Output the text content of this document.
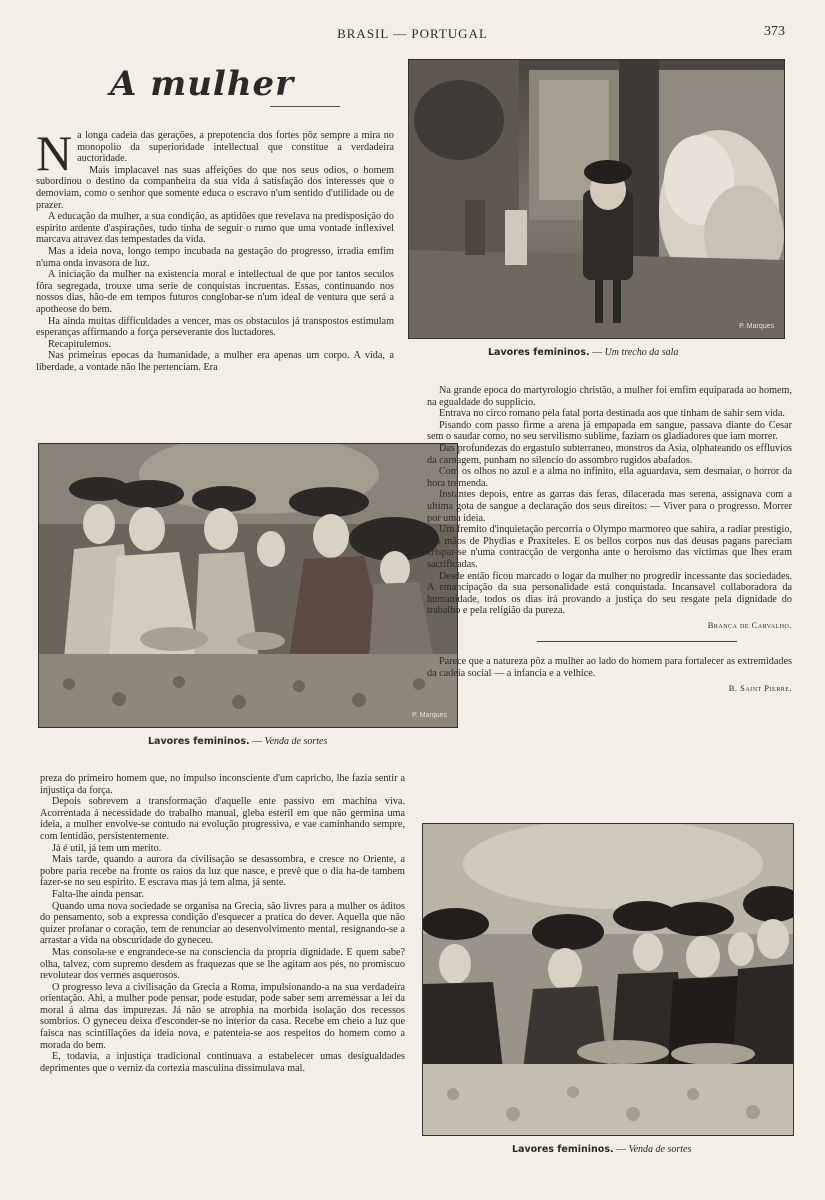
BRASIL — PORTUGAL	373
A mulher

Na longa cadeia das gerações, a prepotencia dos fortes pôz sempre a mira no monopolio da superioridade intellectual que constitue a verdadeira auctoridade.

Mais implacavel nas suas affeições do que nos seus odios, o homem subordinou o destino da companheira da sua vida á satisfação dos interesses que o demoviam, como o senhor que somente educa o escravo n'um sentido d'utilidade ou de prazer.

A educação da mulher, a sua condição, as aptidões que revelava na predisposição do espirito ardente d'aspirações, tudo tinha de seguir o rumo que uma vontade inflexivel marcava atravez das tempestades da vida.

Mas a ideia nova, longo tempo incubada na gestação do progresso, irradia emfim n'uma onda invasora de luz.

A iniciação da mulher na existencia moral e intellectual de que por tantos seculos fôra segregada, trouxe uma serie de conquistas incruentas. Essas, continuando nos nossos dias, hão-de em tempos futuros conglobar-se n'um ideal de ventura que será a apotheose do bem.

Ha ainda muitas difficuldades a vencer, mas os obstaculos já transpostos estimulam esperanças affirmando a força perseverante dos luctadores.

Recapitulemos.

Nas primeiras epocas da humanidade, a mulher era apenas um corpo. A vida, a liberdade, a vontade não lhe pertenciam. Era

P. Marques
Lavores femininos. — Um trecho da sala
P. Marques
Lavores femininos. — Venda de sortes

preza do primeiro homem que, no impulso inconsciente d'um capricho, lhe fazia sentir a injustiça da força.

Depois sobrevem a transformação d'aquelle ente passivo em machina viva. Acorrentada á necessidade do trabalho manual, gleba esteril em que não germina uma ideia, a mulher envolve-se contudo na evolução progressiva, e vae caminhando sempre, com lentidão, persistentemente.

Já é util, já tem um merito.

Mais tarde, quando a aurora da civilisação se desassombra, e cresce no Oriente, a pobre paria recebe na fronte os raios da luz que nasce, e prevê que o dia ha-de tambem fazer-se no seu espirito. E escrava mas já tem alma, já sente.

Falta-lhe ainda pensar.

Quando uma nova sociedade se organisa na Grecia, são livres para a mulher os áditos do pensamento, sob a expressa condição d'esquecer a pratica do dever. Aquella que não quizer profanar o coração, tem de renunciar ao desenvolvimento mental, resignando-se a arrastar a vida na obscuridade do gyneceu.

Mas consola-se e engrandece-se na consciencia da propria dignidade. E quem sabe? olha, talvez, com supremo desdem as fraquezas que se lhe agitam aos pés, no promiscuo revolutear dos vermes asquerosos.

O progresso leva a civilisação da Grecia a Roma, impulsionando-a na sua verdadeira orientação. Ahi, a mulher pode pensar, pode estudar, pode saber sem arremessar a lei da moral á alma das impurezas. Já não se atrophia na morbida isolação dos recessos sombrios. O gyneceu deixa d'esconder-se no interior da casa. Recebe em cheio a luz que faisca nas scintillações da ideia nova, e patenteia-se aos respeitos do homem como a morada do bem.

E, todavia, a injustiça tradicional continuava a estabelecer umas desigualdades deprimentes que o verniz da cortezia masculina dissimulava mal.

Na grande epoca do martyrologio christão, a mulher foi emfim equiparada ao homem, na egualdade do supplicio.

Entrava no circo romano pela fatal porta destinada aos que tinham de sahir sem vida.

Pisando com passo firme a arena já empapada em sangue, passava diante do Cesar sem o saudar como, no seu servilismo sublime, faziam os gladiadores que iam morrer.

Das profundezas do ergastulo subterraneo, monstros da Asia, olphateando os effluvios da carnagem, punham no silencio do assombro rugidos abafados.

Com os olhos no azul e a alma no infinito, ella aguardava, sem desmaiar, o horror da hora tremenda.

Instantes depois, entre as garras das feras, dilacerada mas serena, assignava com a ultima gota de sangue a declaração dos seus direitos: — Viver para o progresso. Morrer por uma ideia.

Um fremito d'inquietação percorria o Olympo marmoreo que sahira, a radiar prestigio, das mãos de Phydias e Praxiteles. E os bellos corpos nus das deusas pagans pareciam crispar-se n'uma contracção de vergonha ante o heroismo das victimas que lhes eram sacrificadas.

Desde então ficou marcado o logar da mulher no progredir incessante das sociedades. A emancipação da sua personalidade está conquistada. Incansavel collaboradora da humanidade, todos os dias irá provando a justiça do seu resgate pela dignidade do trabalho e pela religião da pureza.

Branca de Carvalho.

Parece que a natureza pôz a mulher ao lado do homem para fortalecer as extremidades da cadeia social — a infancia e a velhice.

B. Saint Pierre.
Lavores femininos. — Venda de sortes
